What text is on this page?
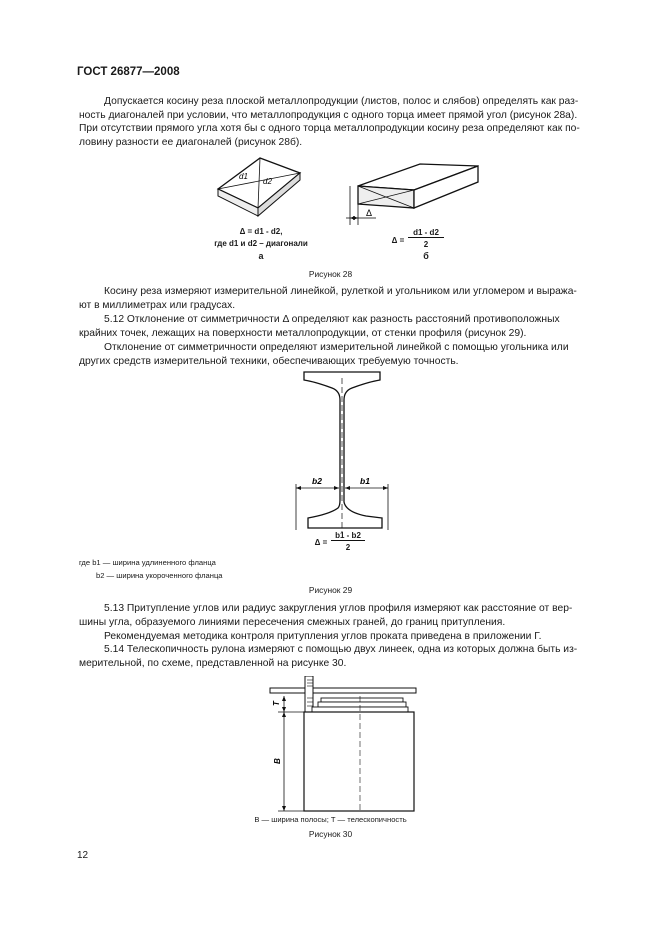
ГОСТ 26877—2008

Допускается косину реза плоской металлопродукции (листов, полос и слябов) определять как раз-

ность диагоналей при условии, что металлопродукция с одного торца имеет прямой угол (рисунок 28а).
При отсутствии прямого угла хотя бы с одного торца металлопродукции косину реза определяют как по-
ловину разности ее диагоналей (рисунок 28б).
d1
d2
Δ
Δ = d1 - d2,
где d1 и d2 – диагонали
а
Δ =
d1 - d2
2
б
Рисунок 28

Косину реза измеряют измерительной линейкой, рулеткой и угольником или угломером и выража-

ют в миллиметрах или градусах.

5.12 Отклонение от симметричности Δ определяют как разность расстояний противоположных

крайних точек, лежащих на поверхности металлопродукции, от стенки профиля (рисунок 29).

Отклонение от симметричности определяют измерительной линейкой с помощью угольника или

других средств измерительной техники, обеспечивающих требуемую точность.
b2	b1
Δ =
b1 - b2
2
где b1 — ширина удлиненного фланца
b2 — ширина укороченного фланца
Рисунок 29

5.13 Притупление углов или радиус закругления углов профиля измеряют как расстояние от вер-

шины угла, образуемого линиями пересечения смежных граней, до границ притупления.

Рекомендуемая методика контроля притупления углов проката приведена в приложении Г.

5.14 Телескопичность рулона измеряют с помощью двух линеек, одна из которых должна быть из-

мерительной, по схеме, представленной на рисунке 30.
T
B
B — ширина полосы; T — телескопичность
Рисунок 30
12
